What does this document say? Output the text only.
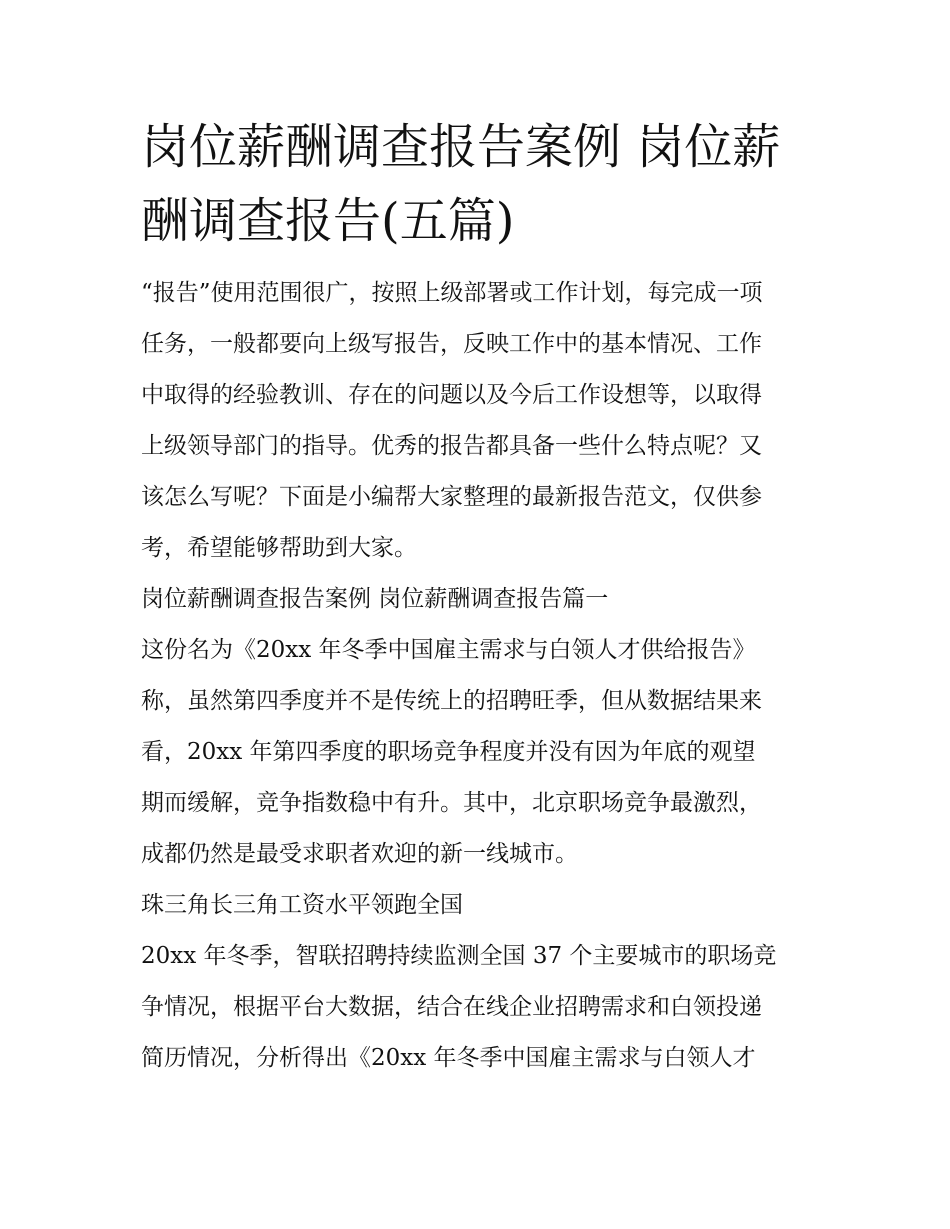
岗位薪酬调查报告案例 岗位薪
酬调查报告(五篇)
“报告”使用范围很广，按照上级部署或工作计划，每完成一项
任务，一般都要向上级写报告，反映工作中的基本情况、工作
中取得的经验教训、存在的问题以及今后工作设想等，以取得
上级领导部门的指导。优秀的报告都具备一些什么特点呢？又
该怎么写呢？下面是小编帮大家整理的最新报告范文，仅供参
考，希望能够帮助到大家。
岗位薪酬调查报告案例 岗位薪酬调查报告篇一
这份名为《20xx 年冬季中国雇主需求与白领人才供给报告》
称，虽然第四季度并不是传统上的招聘旺季，但从数据结果来
看，20xx 年第四季度的职场竞争程度并没有因为年底的观望
期而缓解，竞争指数稳中有升。其中，北京职场竞争最激烈，
成都仍然是最受求职者欢迎的新一线城市。
珠三角长三角工资水平领跑全国
20xx 年冬季，智联招聘持续监测全国 37 个主要城市的职场竞
争情况，根据平台大数据，结合在线企业招聘需求和白领投递
简历情况，分析得出《20xx 年冬季中国雇主需求与白领人才
